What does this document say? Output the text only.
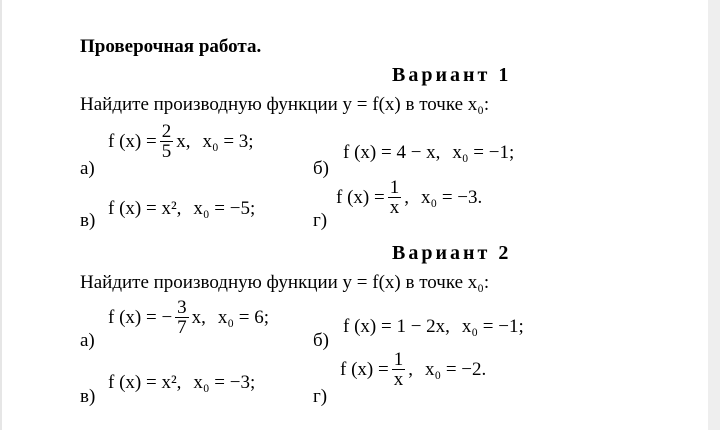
Проверочная работа.
Вариант 1
Найдите производную функции y = f(x) в точке x₀:
а)
f $(x) = \frac{2}{5} x$, x₀ = 3;
б)
f (x) = 4 − x, x₀ = −1;
в)
f (x) = x², x₀ = −5;
г)
f $(x) = \frac{1}{x}$ , x₀ = −3.
Вариант 2
Найдите производную функции y = f(x) в точке x₀:
а)
f (x) = − $\frac{3}{7} x$, x₀ = 6;
б)
f (x) = 1 − 2x, x₀ = −1;
в)
f (x) = x², x₀ = −3;
г)
f $(x) = \frac{1}{x}$ , x₀ = −2.
